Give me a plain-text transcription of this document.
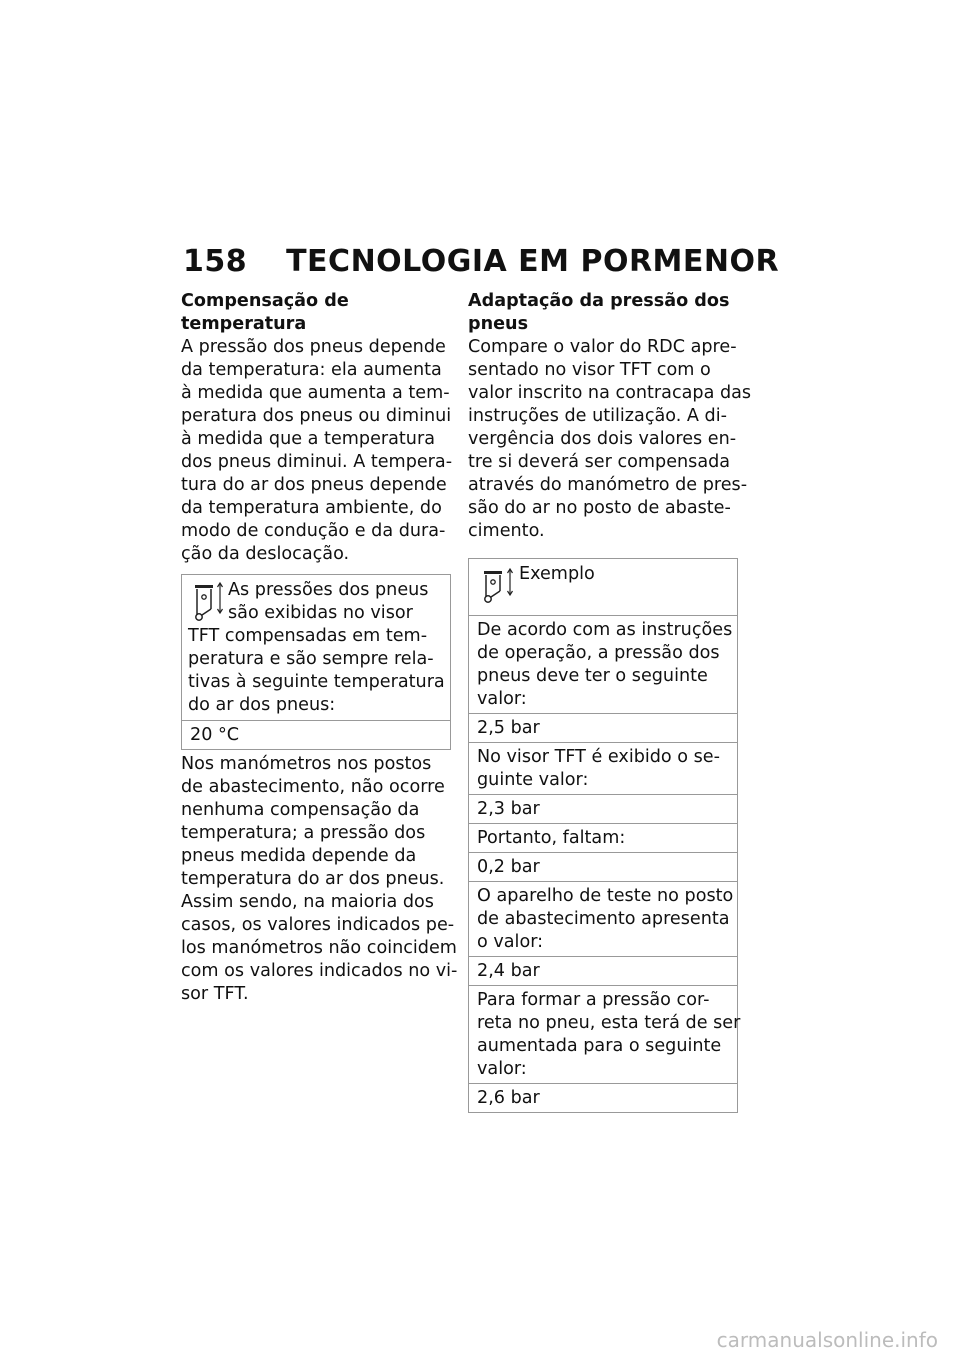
158 TECNOLOGIA EM PORMENOR
Compensação de temperatura

A pressão dos pneus depende
da temperatura: ela aumenta
à medida que aumenta a tem-
peratura dos pneus ou diminui
à medida que a temperatura
dos pneus diminui. A tempera-
tura do ar dos pneus depende
da temperatura ambiente, do
modo de condução e da dura-
ção da deslocação.

As pressões dos pneus
são exibidas no visor
TFT compensadas em tem-
peratura e são sempre rela-
tivas à seguinte temperatura
do ar dos pneus:
20 °C

Nos manómetros nos postos
de abastecimento, não ocorre
nenhuma compensação da
temperatura; a pressão dos
pneus medida depende da
temperatura do ar dos pneus.
Assim sendo, na maioria dos
casos, os valores indicados pe-
los manómetros não coincidem
com os valores indicados no vi-
sor TFT.

Adaptação da pressão dos
pneus

Compare o valor do RDC apre-
sentado no visor TFT com o
valor inscrito na contracapa das
instruções de utilização. A di-
vergência dos dois valores en-
tre si deverá ser compensada
através do manómetro de pres-
são do ar no posto de abaste-
cimento.

Exemplo
De acordo com as instruções
de operação, a pressão dos
pneus deve ter o seguinte
valor:
2,5 bar
No visor TFT é exibido o se-
guinte valor:
2,3 bar
Portanto, faltam:
0,2 bar
O aparelho de teste no posto
de abastecimento apresenta
o valor:
2,4 bar
Para formar a pressão cor-
reta no pneu, esta terá de ser
aumentada para o seguinte
valor:
2,6 bar
carmanualsonline.info
